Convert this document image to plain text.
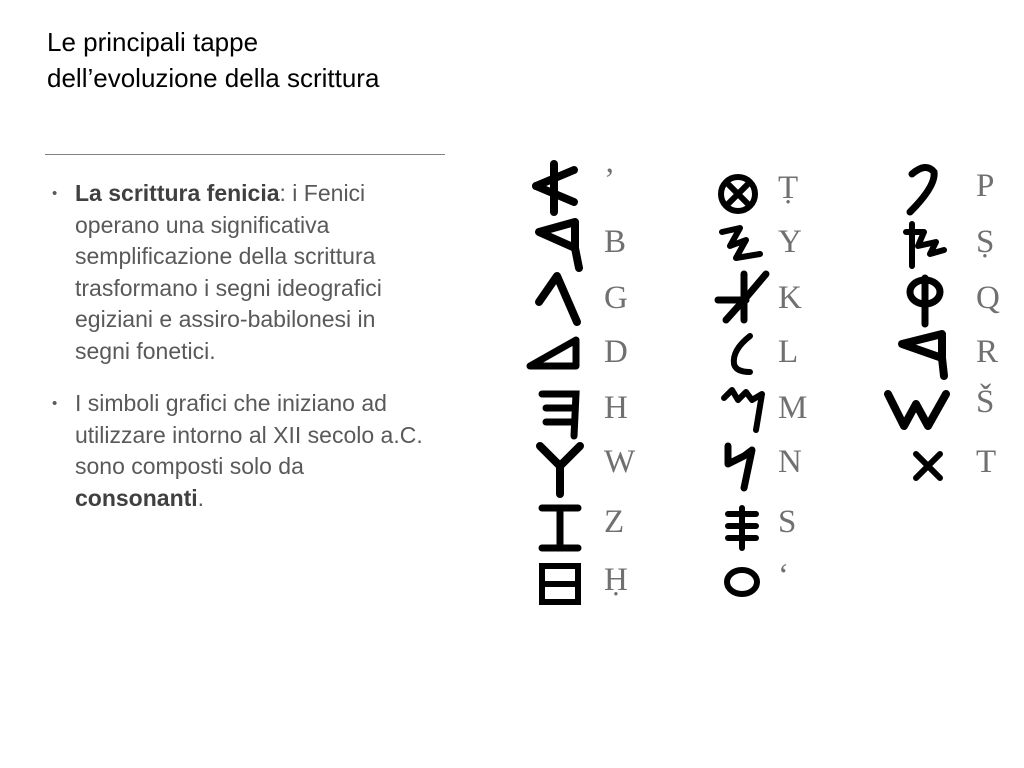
Le principali tappe dell’evoluzione della scrittura
• La scrittura fenicia: i Fenici operano una significativa semplificazione della scrittura trasformano i segni ideografici egiziani e assiro-babilonesi in segni fonetici.
• I simboli grafici che iniziano ad utilizzare intorno al XII secolo a.C. sono composti solo da consonanti.
’
B
G
D
H
W
Z
Ḥ
Ṭ
Y
K
L
M
N
S
‘
P
Ṣ
Q
R
Š
T
